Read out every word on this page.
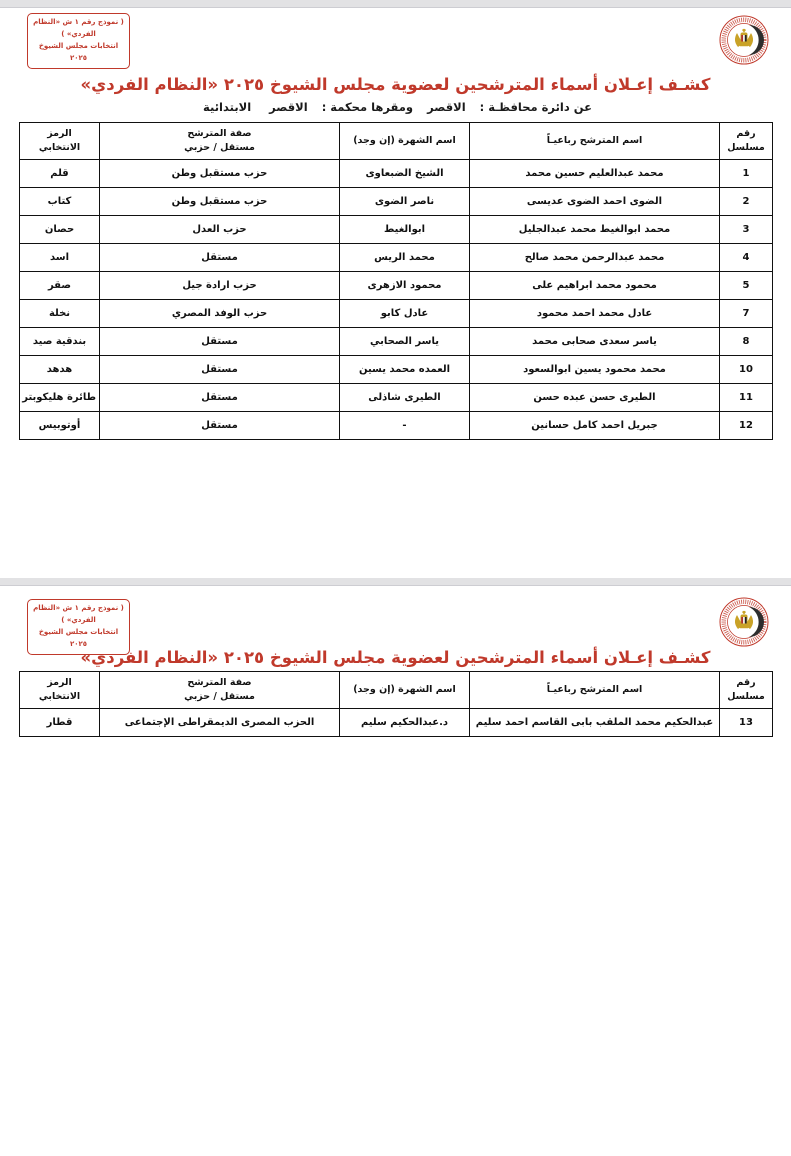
( نموذج رقم ١ ش «النظام الفردي» )
انتخابات مجلس الشيوخ ٢٠٢٥
كشـف إعـلان أسماء المترشحين لعضوية مجلس الشيوخ ٢٠٢٥ «النظام الفردي»
عن دائرة محافظـة : الاقصر ومقرها محكمة : الاقصر الابتدائية
رقم
مسلسل	اسم المترشح رباعيـاً	اسم الشهرة (إن وجد)	صفة المترشح
مستقل / حزبي	الرمز
الانتخابي

1	محمد عبدالعليم حسين محمد	الشيخ الضبعاوى	حزب مستقبل وطن	قلم
2	الضوى احمد الضوى عديسى	ناصر الضوى	حزب مستقبل وطن	كتاب
3	محمد ابوالغيط محمد عبدالجليل	ابوالغيط	حزب العدل	حصان
4	محمد عبدالرحمن محمد صالح	محمد الريس	مستقل	اسد
5	محمود محمد ابراهيم على	محمود الازهرى	حزب ارادة جيل	صقر
7	عادل محمد احمد محمود	عادل كابو	حزب الوفد المصري	نخلة
8	ياسر سعدى صحابى محمد	ياسر الصحابي	مستقل	بندقية صيد
10	محمد محمود يسين ابوالسعود	العمده محمد يسين	مستقل	هدهد
11	الطيرى حسن عبده حسن	الطيرى شاذلى	مستقل	طائرة هليكوبتر
12	جبريل احمد كامل حسانين	-	مستقل	أوتوبيس
( نموذج رقم ١ ش «النظام الفردي» )
انتخابات مجلس الشيوخ ٢٠٢٥
كشـف إعـلان أسماء المترشحين لعضوية مجلس الشيوخ ٢٠٢٥ «النظام الفردي»
رقم
مسلسل	اسم المترشح رباعيـاً	اسم الشهرة (إن وجد)	صفة المترشح
مستقل / حزبي	الرمز
الانتخابي

13	عبدالحكيم محمد الملقب بابى القاسم احمد سليم	د.عبدالحكيم سليم	الحزب المصرى الديمقراطى الإجتماعى	قطار
